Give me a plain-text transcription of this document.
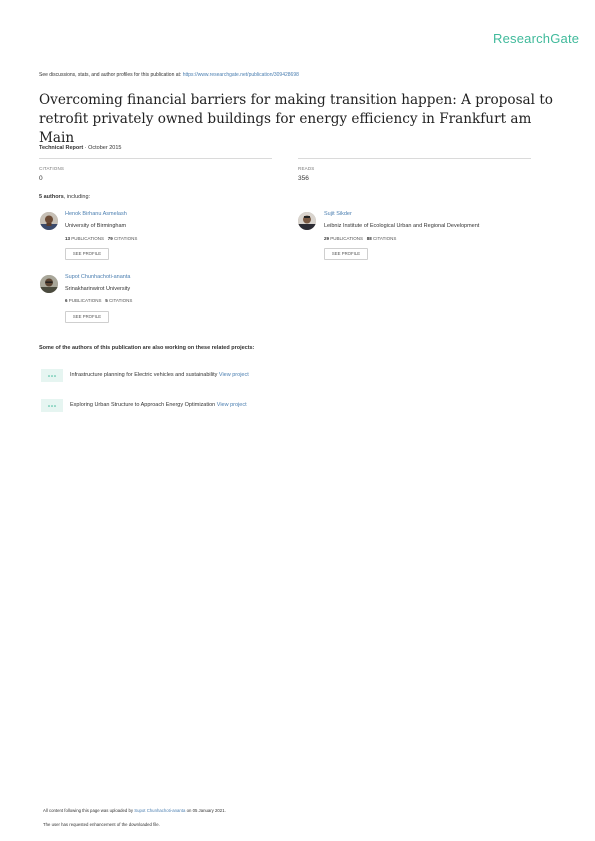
ResearchGate
See discussions, stats, and author profiles for this publication at: https://www.researchgate.net/publication/309428698
Overcoming financial barriers for making transition happen: A proposal to retrofit privately owned buildings for energy efficiency in Frankfurt am Main
Technical Report · October 2015
CITATIONS
0
READS
356
5 authors, including:
Henok Birhanu Asmelash
University of Birmingham
13 PUBLICATIONS 79 CITATIONS
SEE PROFILE
Sujit Sikder
Leibniz Institute of Ecological Urban and Regional Development
29 PUBLICATIONS 88 CITATIONS
SEE PROFILE
Supot Chunhachoti-ananta
Srinakharinwirot University
6 PUBLICATIONS 5 CITATIONS
SEE PROFILE
Some of the authors of this publication are also working on these related projects:
Infrastructure planning for Electric vehicles and sustainability View project
Exploring Urban Structure to Approach Energy Optimization View project
All content following this page was uploaded by Supot Chunhachoti-ananta on 05 January 2021.
The user has requested enhancement of the downloaded file.
